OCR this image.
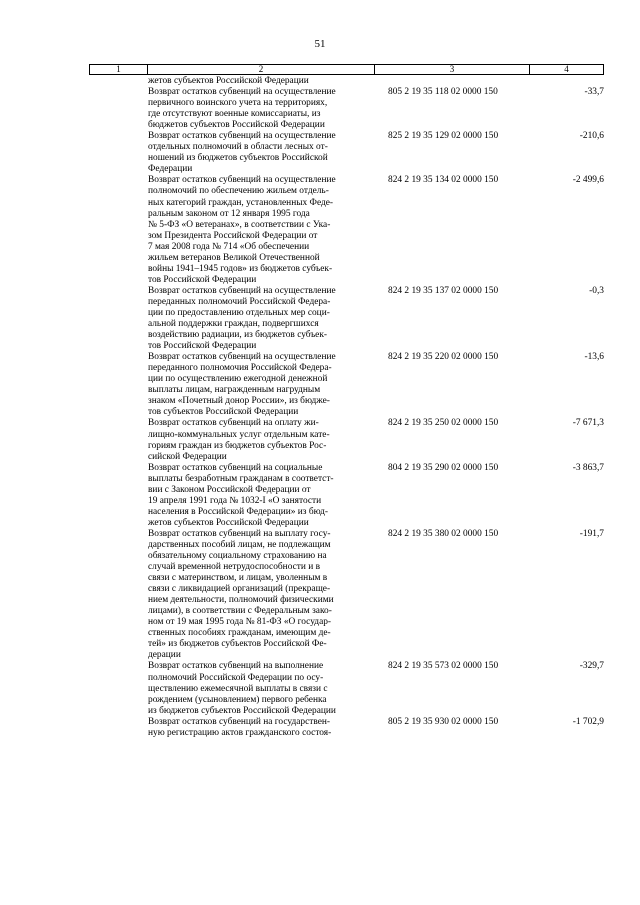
51
1	2	3	4
жетов субъектов Российской Федерации
Возврат остатков субвенций на осуществление
первичного воинского учета на территориях,
где отсутствуют военные комиссариаты, из
бюджетов субъектов Российской Федерации
805 2 19 35 118 02 0000 150	-33,7
Возврат остатков субвенций на осуществление
отдельных полномочий в области лесных от-
ношений из бюджетов субъектов Российской
Федерации
825 2 19 35 129 02 0000 150	-210,6
Возврат остатков субвенций на осуществление
полномочий по обеспечению жильем отдель-
ных категорий граждан, установленных Феде-
ральным законом от 12 января 1995 года
№ 5-ФЗ «О ветеранах», в соответствии с Ука-
зом Президента Российской Федерации от
7 мая 2008 года № 714 «Об обеспечении
жильем ветеранов Великой Отечественной
войны 1941–1945 годов» из бюджетов субъек-
тов Российской Федерации
824 2 19 35 134 02 0000 150	-2 499,6
Возврат остатков субвенций на осуществление
переданных полномочий Российской Федера-
ции по предоставлению отдельных мер соци-
альной поддержки граждан, подвергшихся
воздействию радиации, из бюджетов субъек-
тов Российской Федерации
824 2 19 35 137 02 0000 150	-0,3
Возврат остатков субвенций на осуществление
переданного полномочия Российской Федера-
ции по осуществлению ежегодной денежной
выплаты лицам, награжденным нагрудным
знаком «Почетный донор России», из бюдже-
тов субъектов Российской Федерации
824 2 19 35 220 02 0000 150	-13,6
Возврат остатков субвенций на оплату жи-
лищно-коммунальных услуг отдельным кате-
гориям граждан из бюджетов субъектов Рос-
сийской Федерации
824 2 19 35 250 02 0000 150	-7 671,3
Возврат остатков субвенций на социальные
выплаты безработным гражданам в соответст-
вии с Законом Российской Федерации от
19 апреля 1991 года № 1032-I «О занятости
населения в Российской Федерации» из бюд-
жетов субъектов Российской Федерации
804 2 19 35 290 02 0000 150	-3 863,7
Возврат остатков субвенций на выплату госу-
дарственных пособий лицам, не подлежащим
обязательному социальному страхованию на
случай временной нетрудоспособности и в
связи с материнством, и лицам, уволенным в
связи с ликвидацией организаций (прекраще-
нием деятельности, полномочий физическими
лицами), в соответствии с Федеральным зако-
ном от 19 мая 1995 года № 81-ФЗ «О государ-
ственных пособиях гражданам, имеющим де-
тей» из бюджетов субъектов Российской Фе-
дерации
824 2 19 35 380 02 0000 150	-191,7
Возврат остатков субвенций на выполнение
полномочий Российской Федерации по осу-
ществлению ежемесячной выплаты в связи с
рождением (усыновлением) первого ребенка
из бюджетов субъектов Российской Федерации
824 2 19 35 573 02 0000 150	-329,7
Возврат остатков субвенций на государствен-
ную регистрацию актов гражданского состоя-
805 2 19 35 930 02 0000 150	-1 702,9
